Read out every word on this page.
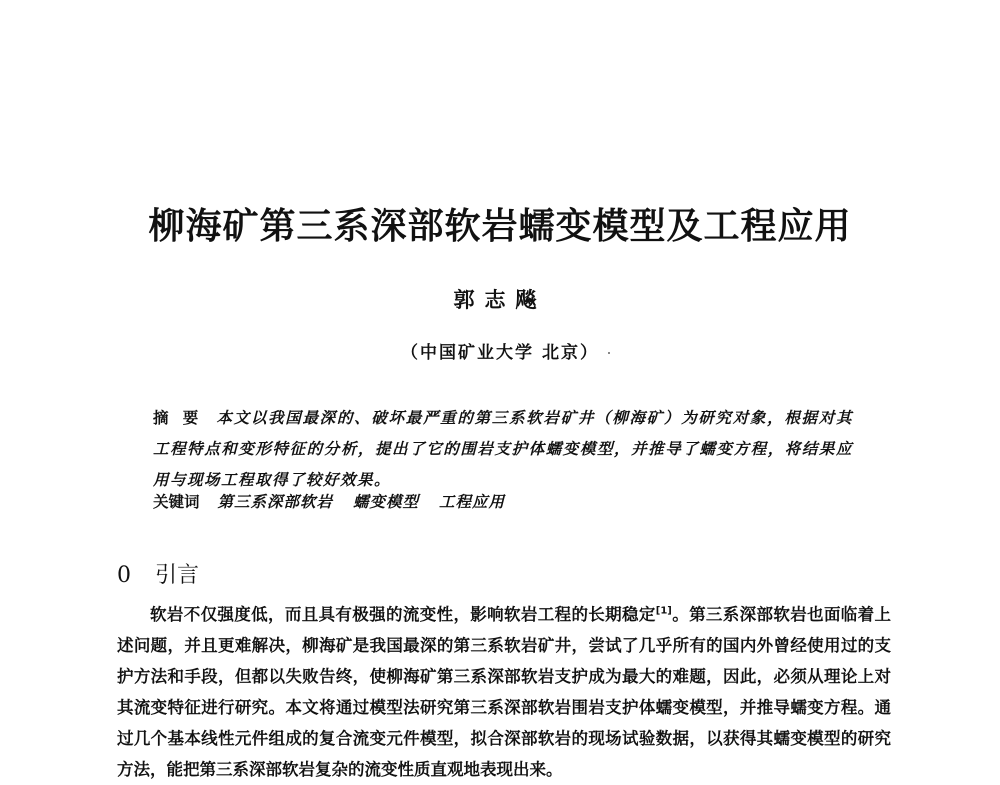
柳海矿第三系深部软岩蠕变模型及工程应用
郭志飚
（中国矿业大学 北京）
摘要 本文以我国最深的、破坏最严重的第三系软岩矿井（柳海矿）为研究对象，根据对其工程特点和变形特征的分析，提出了它的围岩支护体蠕变模型，并推导了蠕变方程，将结果应用与现场工程取得了较好效果。
关键词 第三系深部软岩 蠕变模型 工程应用
0 引言
软岩不仅强度低，而且具有极强的流变性，影响软岩工程的长期稳定[1]。第三系深部软岩也面临着上述问题，并且更难解决，柳海矿是我国最深的第三系软岩矿井，尝试了几乎所有的国内外曾经使用过的支护方法和手段，但都以失败告终，使柳海矿第三系深部软岩支护成为最大的难题，因此，必须从理论上对其流变特征进行研究。本文将通过模型法研究第三系深部软岩围岩支护体蠕变模型，并推导蠕变方程。通过几个基本线性元件组成的复合流变元件模型，拟合深部软岩的现场试验数据，以获得其蠕变模型的研究方法，能把第三系深部软岩复杂的流变性质直观地表现出来。
